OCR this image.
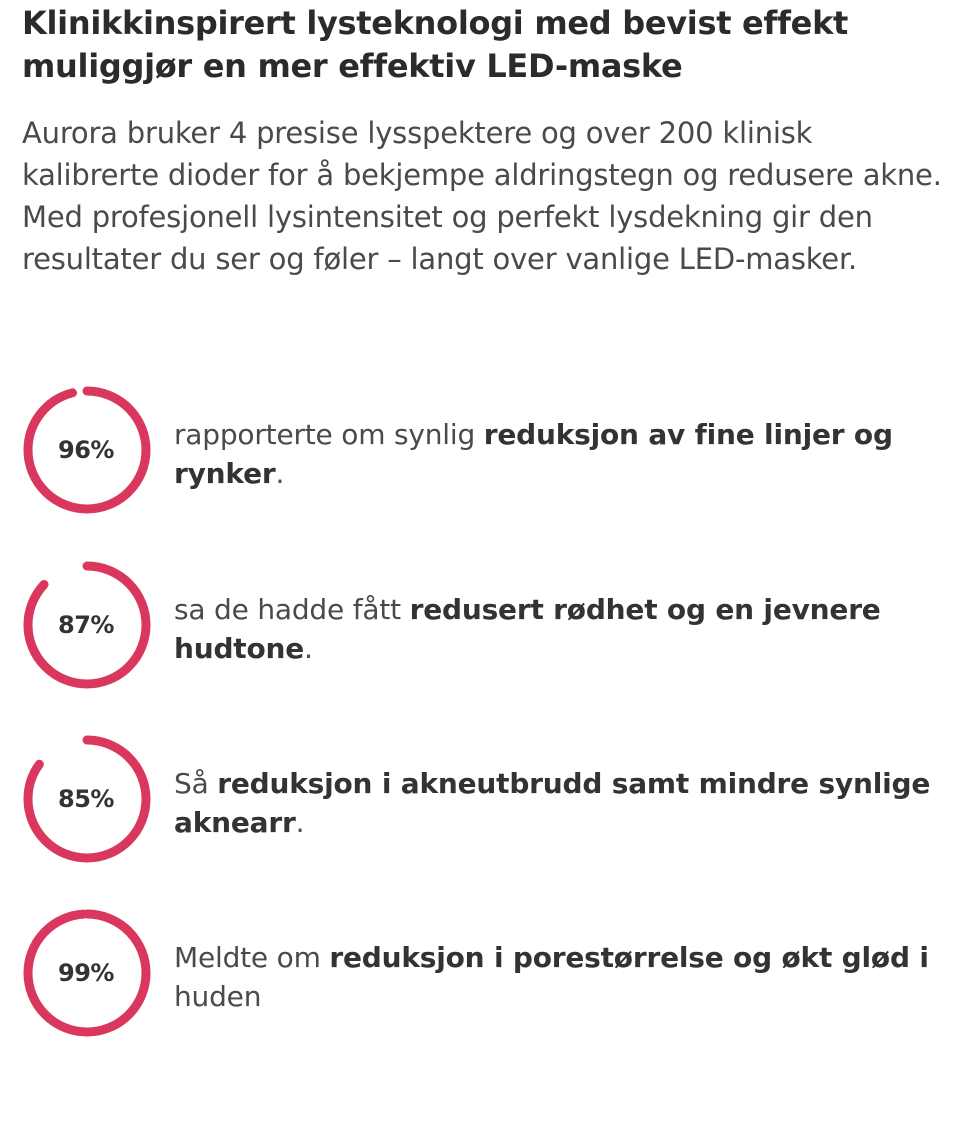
Klinikkinspirert lysteknologi med bevist effekt muliggjør en mer effektiv LED-maske

Aurora bruker 4 presise lysspektere og over 200 klinisk kalibrerte dioder for å bekjempe aldringstegn og redusere akne. Med profesjonell lysintensitet og perfekt lysdekning gir den resultater du ser og føler – langt over vanlige LED-masker.

96%	rapporterte om synlig reduksjon av fine linjer og rynker.
87%	sa de hadde fått redusert rødhet og en jevnere hudtone.
85%	Så reduksjon i akneutbrudd samt mindre synlige aknearr.
99%	Meldte om reduksjon i porestørrelse og økt glød i huden
